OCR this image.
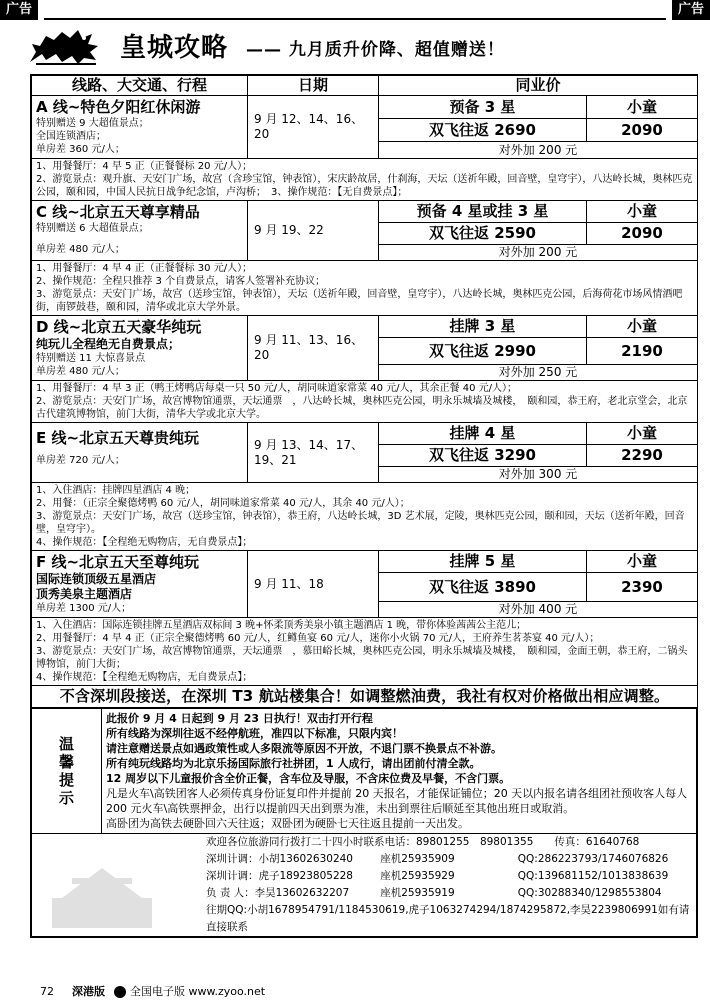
广告	广告
皇城攻略 —— 九月质升价降、超值赠送！
线路、大交通、行程	日期	同业价	

A 线~特色夕阳红休闲游
特别赠送 9 大超值景点；
全国连锁酒店；
单房差 360 元/人；	9 月 12、14、16、20	预备 3 星	小童
		双飞往返 2690	2090
		对外加 200 元	

1、用餐餐厅：4 早 5 正（正餐餐标 20 元/人）；
2、游览景点：观升旗、天安门广场，故宫（含珍宝馆，钟表馆），宋庆龄故居，什刹海，天坛（送祈年殿，回音壁，皇穹宇），八达岭长城，奥林匹克公园，颐和园，中国人民抗日战争纪念馆，卢沟桥；　3、操作规范：【无自费景点】；			

C 线~北京五天尊享精品
特别赠送 6 大超值景点；
单房差 480 元/人；	9 月 19、22	预备 4 星或挂 3 星	小童
		双飞往返 2590	2090
		对外加 200 元	

1、用餐餐厅：4 早 4 正（正餐餐标 30 元/人）；
2、操作规范：全程只推荐 3 个自费景点，请客人签署补充协议；
3、游览景点：天安门广场，故宫（送珍宝馆，钟表馆），天坛（送祈年殿，回音壁，皇穹宇），八达岭长城，奥林匹克公园，后海荷花市场风情酒吧街，南锣鼓巷，颐和园，清华或北京大学外景。			

D 线~北京五天豪华纯玩
纯玩儿全程绝无自费景点；
特别赠送 11 大惊喜景点
单房差 480 元/人；	9 月 11、13、16、20	挂牌 3 星	小童
		双飞往返 2990	2190
		对外加 250 元	

1、用餐餐厅：4 早 3 正（鸭王烤鸭店每桌一只 50 元/人，胡同味道家常菜 40 元/人，其余正餐 40 元/人）；
2、游览景点：天安门广场，故宫博物馆通票，天坛通票　，八达岭长城，奥林匹克公园，明永乐城墙及城楼，　颐和园，恭王府，老北京堂会，北京古代建筑博物馆，前门大街，清华大学或北京大学。			

E 线~北京五天尊贵纯玩
单房差 720 元/人；	9 月 13、14、17、19、21	挂牌 4 星	小童
		双飞往返 3290	2290
		对外加 300 元	

1、入住酒店：挂牌四星酒店 4 晚；
2、用餐：（正宗全聚德烤鸭 60 元/人，胡同味道家常菜 40 元/人，其余 40 元/人）；
3、游览景点：天安门广场，故宫（送珍宝馆，钟表馆），恭王府，八达岭长城，3D 艺术展，定陵，奥林匹克公园，颐和园，天坛（送祈年殿，回音壁，皇穹宇）。
4、操作规范：【全程绝无购物店，无自费景点】；			

F 线~北京五天至尊纯玩
国际连锁顶级五星酒店
顶秀美泉主题酒店
单房差 1300 元/人；	9 月 11、18	挂牌 5 星	小童
		双飞往返 3890	2390
		对外加 400 元	

1、入住酒店：国际连锁挂牌五星酒店双标间 3 晚+怀柔顶秀美泉小镇主题酒店 1 晚，带你体验茜茜公主范儿；
2、用餐餐厅：4 早 4 正（正宗全聚德烤鸭 60 元/人，红鳟鱼宴 60 元/人，迷你小火锅 70 元/人，王府养生茗茶宴 40 元/人）；
3、游览景点：天安门广场，故宫博物馆通票，天坛通票　，慕田峪长城，奥林匹克公园，明永乐城墙及城楼，　颐和园，金面王朝，恭王府，二锅头博物馆，前门大街；
4、操作规范：【全程绝无购物店，无自费景点】；			

不含深圳段接送，在深圳 T3 航站楼集合！如调整燃油费，我社有权对价格做出相应调整。			
温
馨
提
示

此报价 9 月 4 日起到 9 月 23 日执行！双击打开行程
所有线路为深圳往返不经停航班，准四以下标准，只限内宾！
请注意赠送景点如遇政策性或人多限流等原因不开放，不退门票不换景点不补游。
所有纯玩线路均为北京乐扬国际旅行社拼团，1 人成行，请出团前付清全款。
12 周岁以下儿童报价含全价正餐，含车位及导服，不含床位费及早餐，不含门票。
凡是火车\高铁团客人必须传真身份证复印件并提前 20 天报名，才能保证铺位；20 天以内报名请各组团社预收客人每人 200 元火车\高铁票押金，出行以提前四天出到票为准，未出到票往后顺延至其他出班日或取消。
高卧团为高铁去硬卧回六天往返；双卧团为硬卧七天往返且提前一天出发。

欢迎各位旅游同行拨打二十四小时联系电话：89801255　89801355　　传真：61640768
深圳计调：小胡13602630240	座机25935909	QQ:286223793/1746076826
深圳计调：虎子18923805228	座机25935929	QQ:139681152/1013838639
负 责 人：李昊13602632207	座机25935919	QQ:30288340/1298553804
往期QQ:小胡1678954791/1184530619,虎子1063274294/1874295872,李昊2239806991如有请直接联系
72 深港版 全国电子版 www.zyoo.net
